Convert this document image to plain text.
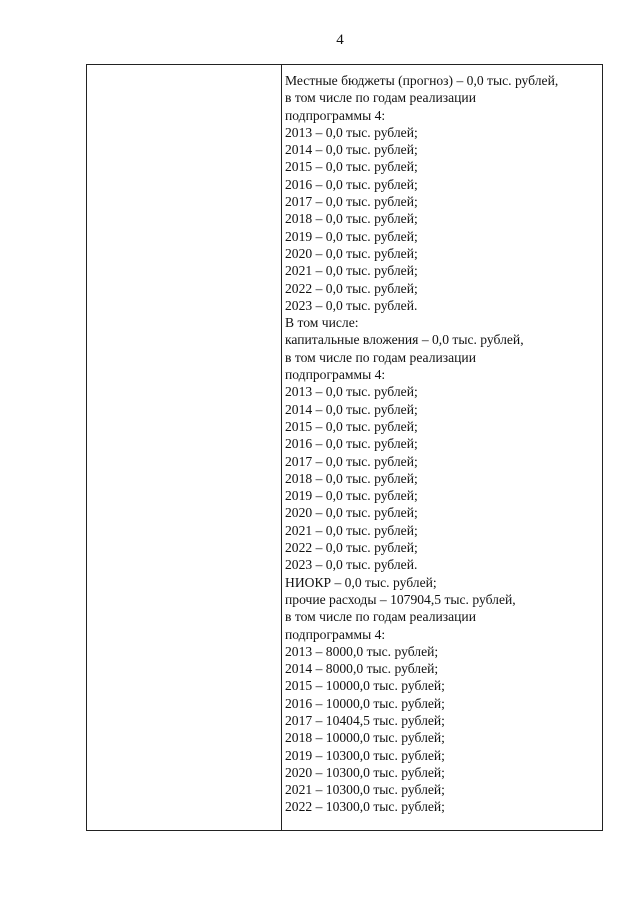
4
Местные бюджеты (прогноз) – 0,0 тыс. рублей,
в том числе по годам реализации
подпрограммы 4:
2013 – 0,0 тыс. рублей;
2014 – 0,0 тыс. рублей;
2015 – 0,0 тыс. рублей;
2016 – 0,0 тыс. рублей;
2017 – 0,0 тыс. рублей;
2018 – 0,0 тыс. рублей;
2019 – 0,0 тыс. рублей;
2020 – 0,0 тыс. рублей;
2021 – 0,0 тыс. рублей;
2022 – 0,0 тыс. рублей;
2023 – 0,0 тыс. рублей.
В том числе:
капитальные вложения – 0,0 тыс. рублей,
в том числе по годам реализации
подпрограммы 4:
2013 – 0,0 тыс. рублей;
2014 – 0,0 тыс. рублей;
2015 – 0,0 тыс. рублей;
2016 – 0,0 тыс. рублей;
2017 – 0,0 тыс. рублей;
2018 – 0,0 тыс. рублей;
2019 – 0,0 тыс. рублей;
2020 – 0,0 тыс. рублей;
2021 – 0,0 тыс. рублей;
2022 – 0,0 тыс. рублей;
2023 – 0,0 тыс. рублей.
НИОКР – 0,0 тыс. рублей;
прочие расходы – 107904,5 тыс. рублей,
в том числе по годам реализации
подпрограммы 4:
2013 – 8000,0 тыс. рублей;
2014 – 8000,0 тыс. рублей;
2015 – 10000,0 тыс. рублей;
2016 – 10000,0 тыс. рублей;
2017 – 10404,5 тыс. рублей;
2018 – 10000,0 тыс. рублей;
2019 – 10300,0 тыс. рублей;
2020 – 10300,0 тыс. рублей;
2021 – 10300,0 тыс. рублей;
2022 – 10300,0 тыс. рублей;
